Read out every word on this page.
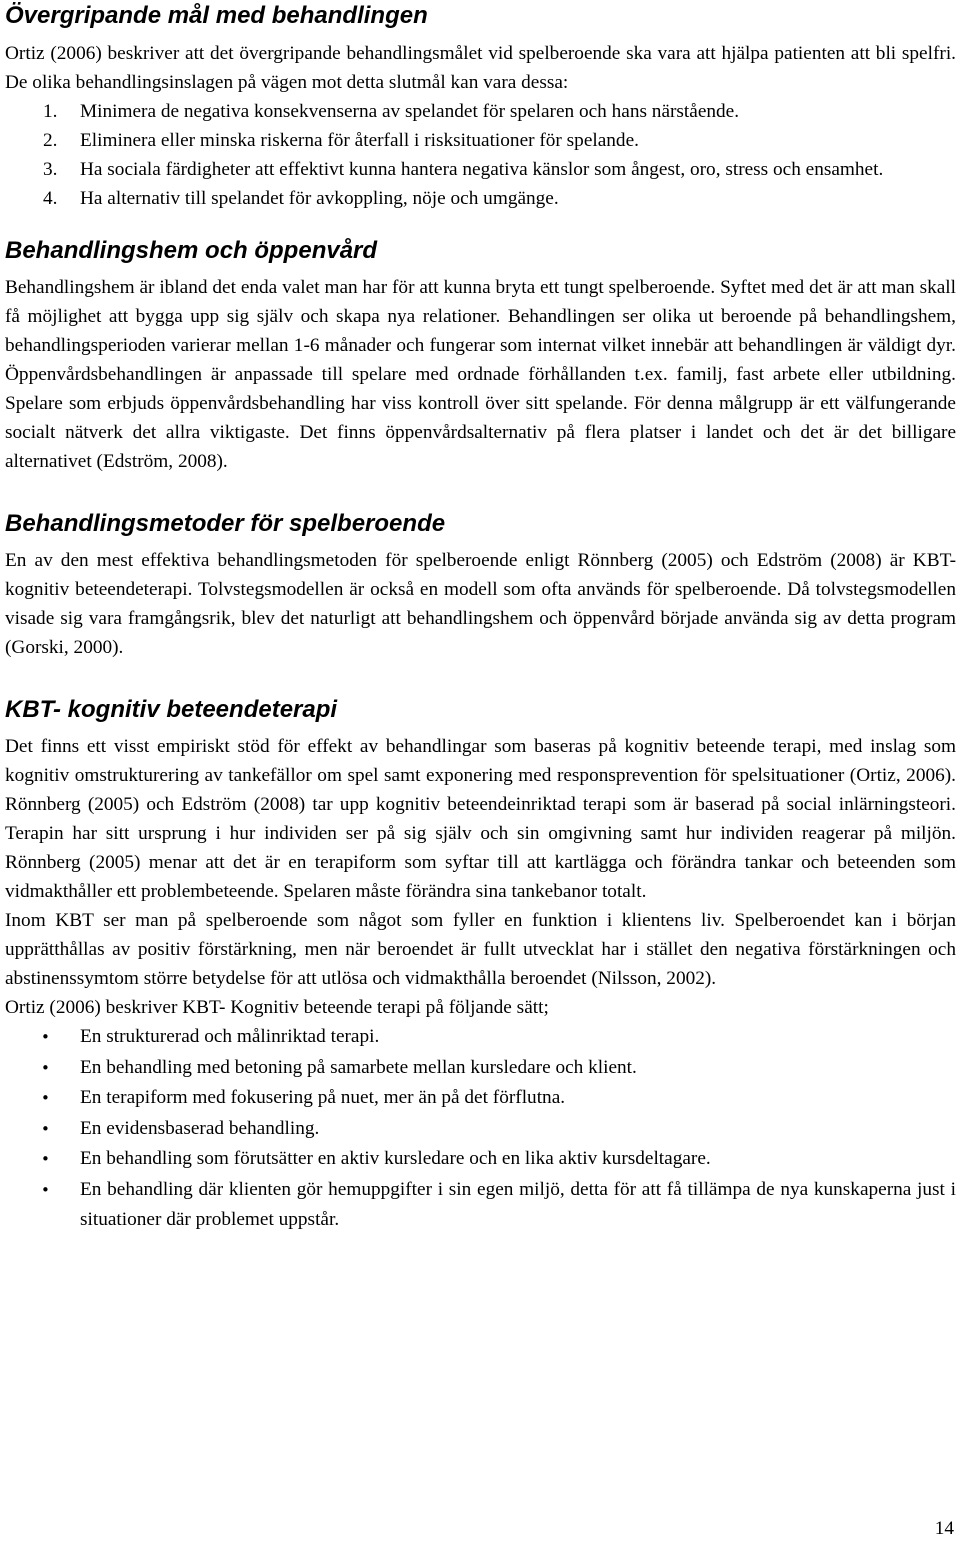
Övergripande mål med behandlingen

Ortiz (2006) beskriver att det övergripande behandlingsmålet vid spelberoende ska vara att hjälpa patienten att bli spelfri. De olika behandlingsinslagen på vägen mot detta slutmål kan vara dessa:

1. Minimera de negativa konsekvenserna av spelandet för spelaren och hans närstående.
2. Eliminera eller minska riskerna för återfall i risksituationer för spelande.
3. Ha sociala färdigheter att effektivt kunna hantera negativa känslor som ångest, oro, stress och ensamhet.
4. Ha alternativ till spelandet för avkoppling, nöje och umgänge.
Behandlingshem och öppenvård

Behandlingshem är ibland det enda valet man har för att kunna bryta ett tungt spelberoende. Syftet med det är att man skall få möjlighet att bygga upp sig själv och skapa nya relationer. Behandlingen ser olika ut beroende på behandlingshem, behandlingsperioden varierar mellan 1-6 månader och fungerar som internat vilket innebär att behandlingen är väldigt dyr. Öppenvårdsbehandlingen är anpassade till spelare med ordnade förhållanden t.ex. familj, fast arbete eller utbildning. Spelare som erbjuds öppenvårdsbehandling har viss kontroll över sitt spelande. För denna målgrupp är ett välfungerande socialt nätverk det allra viktigaste. Det finns öppenvårdsalternativ på flera platser i landet och det är det billigare alternativet (Edström, 2008).

Behandlingsmetoder för spelberoende

En av den mest effektiva behandlingsmetoden för spelberoende enligt Rönnberg (2005) och Edström (2008) är KBT- kognitiv beteendeterapi. Tolvstegsmodellen är också en modell som ofta används för spelberoende. Då tolvstegsmodellen visade sig vara framgångsrik, blev det naturligt att behandlingshem och öppenvård började använda sig av detta program (Gorski, 2000).

KBT- kognitiv beteendeterapi

Det finns ett visst empiriskt stöd för effekt av behandlingar som baseras på kognitiv beteende terapi, med inslag som kognitiv omstrukturering av tankefällor om spel samt exponering med responsprevention för spelsituationer (Ortiz, 2006). Rönnberg (2005) och Edström (2008) tar upp kognitiv beteendeinriktad terapi som är baserad på social inlärningsteori. Terapin har sitt ursprung i hur individen ser på sig själv och sin omgivning samt hur individen reagerar på miljön. Rönnberg (2005) menar att det är en terapiform som syftar till att kartlägga och förändra tankar och beteenden som vidmakthåller ett problembeteende. Spelaren måste förändra sina tankebanor totalt.

Inom KBT ser man på spelberoende som något som fyller en funktion i klientens liv. Spelberoendet kan i början upprätthållas av positiv förstärkning, men när beroendet är fullt utvecklat har i stället den negativa förstärkningen och abstinenssymtom större betydelse för att utlösa och vidmakthålla beroendet (Nilsson, 2002).

Ortiz (2006) beskriver KBT- Kognitiv beteende terapi på följande sätt;

• En strukturerad och målinriktad terapi.
• En behandling med betoning på samarbete mellan kursledare och klient.
• En terapiform med fokusering på nuet, mer än på det förflutna.
• En evidensbaserad behandling.
• En behandling som förutsätter en aktiv kursledare och en lika aktiv kursdeltagare.
• En behandling där klienten gör hemuppgifter i sin egen miljö, detta för att få tillämpa de nya kunskaperna just i situationer där problemet uppstår.
14
